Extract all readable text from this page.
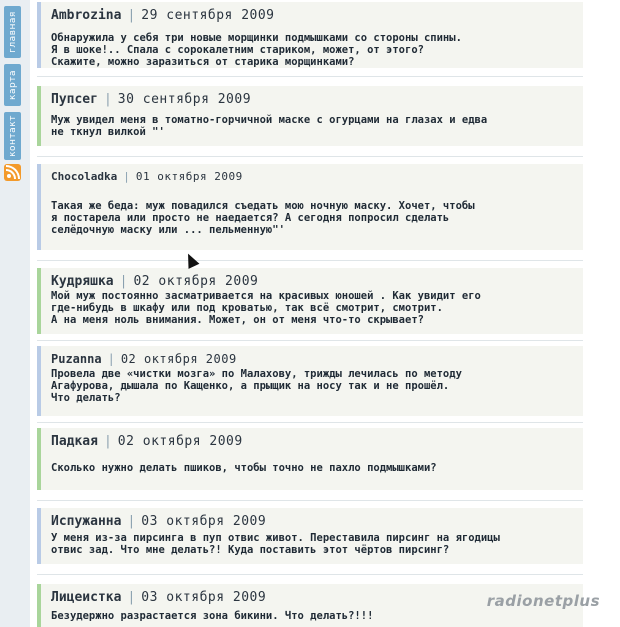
главная
карта
контакт
Ambrozina | 29 сентября 2009
Обнаружила у себя три новые морщинки подмышками со стороны спины.
Я в шоке!.. Спала с сорокалетним стариком, может, от этого?
Скажите, можно заразиться от старика морщинками?
Пупсег | 30 сентября 2009
Муж увидел меня в томатно-горчичной маске с огурцами на глазах и едва
не ткнул вилкой "'
Chocoladka | 01 октября 2009
Такая же беда: муж повадился съедать мою ночную маску. Хочет, чтобы
я постарела или просто не наедается? А сегодня попросил сделать
селёдочную маску или ... пельменную"'
Кудряшка | 02 октября 2009
Мой муж постоянно засматривается на красивых юношей . Как увидит его
где-нибудь в шкафу или под кроватью, так всё смотрит, смотрит.
А на меня ноль внимания. Может, он от меня что-то скрывает?
Puzanna | 02 октября 2009
Провела две «чистки мозга» по Малахову, трижды лечилась по методу
Агафурова, дышала по Кащенко, а прыщик на носу так и не прошёл.
Что делать?
Падкая | 02 октября 2009
Сколько нужно делать пшиков, чтобы точно не пахло подмышками?
Испужанна | 03 октября 2009
У меня из-за пирсинга в пуп отвис живот. Переставила пирсинг на ягодицы
отвис зад. Что мне делать?! Куда поставить этот чёртов пирсинг?
Лицеистка | 03 октября 2009
Безудержно разрастается зона бикини. Что делать?!!!
radionetplus
